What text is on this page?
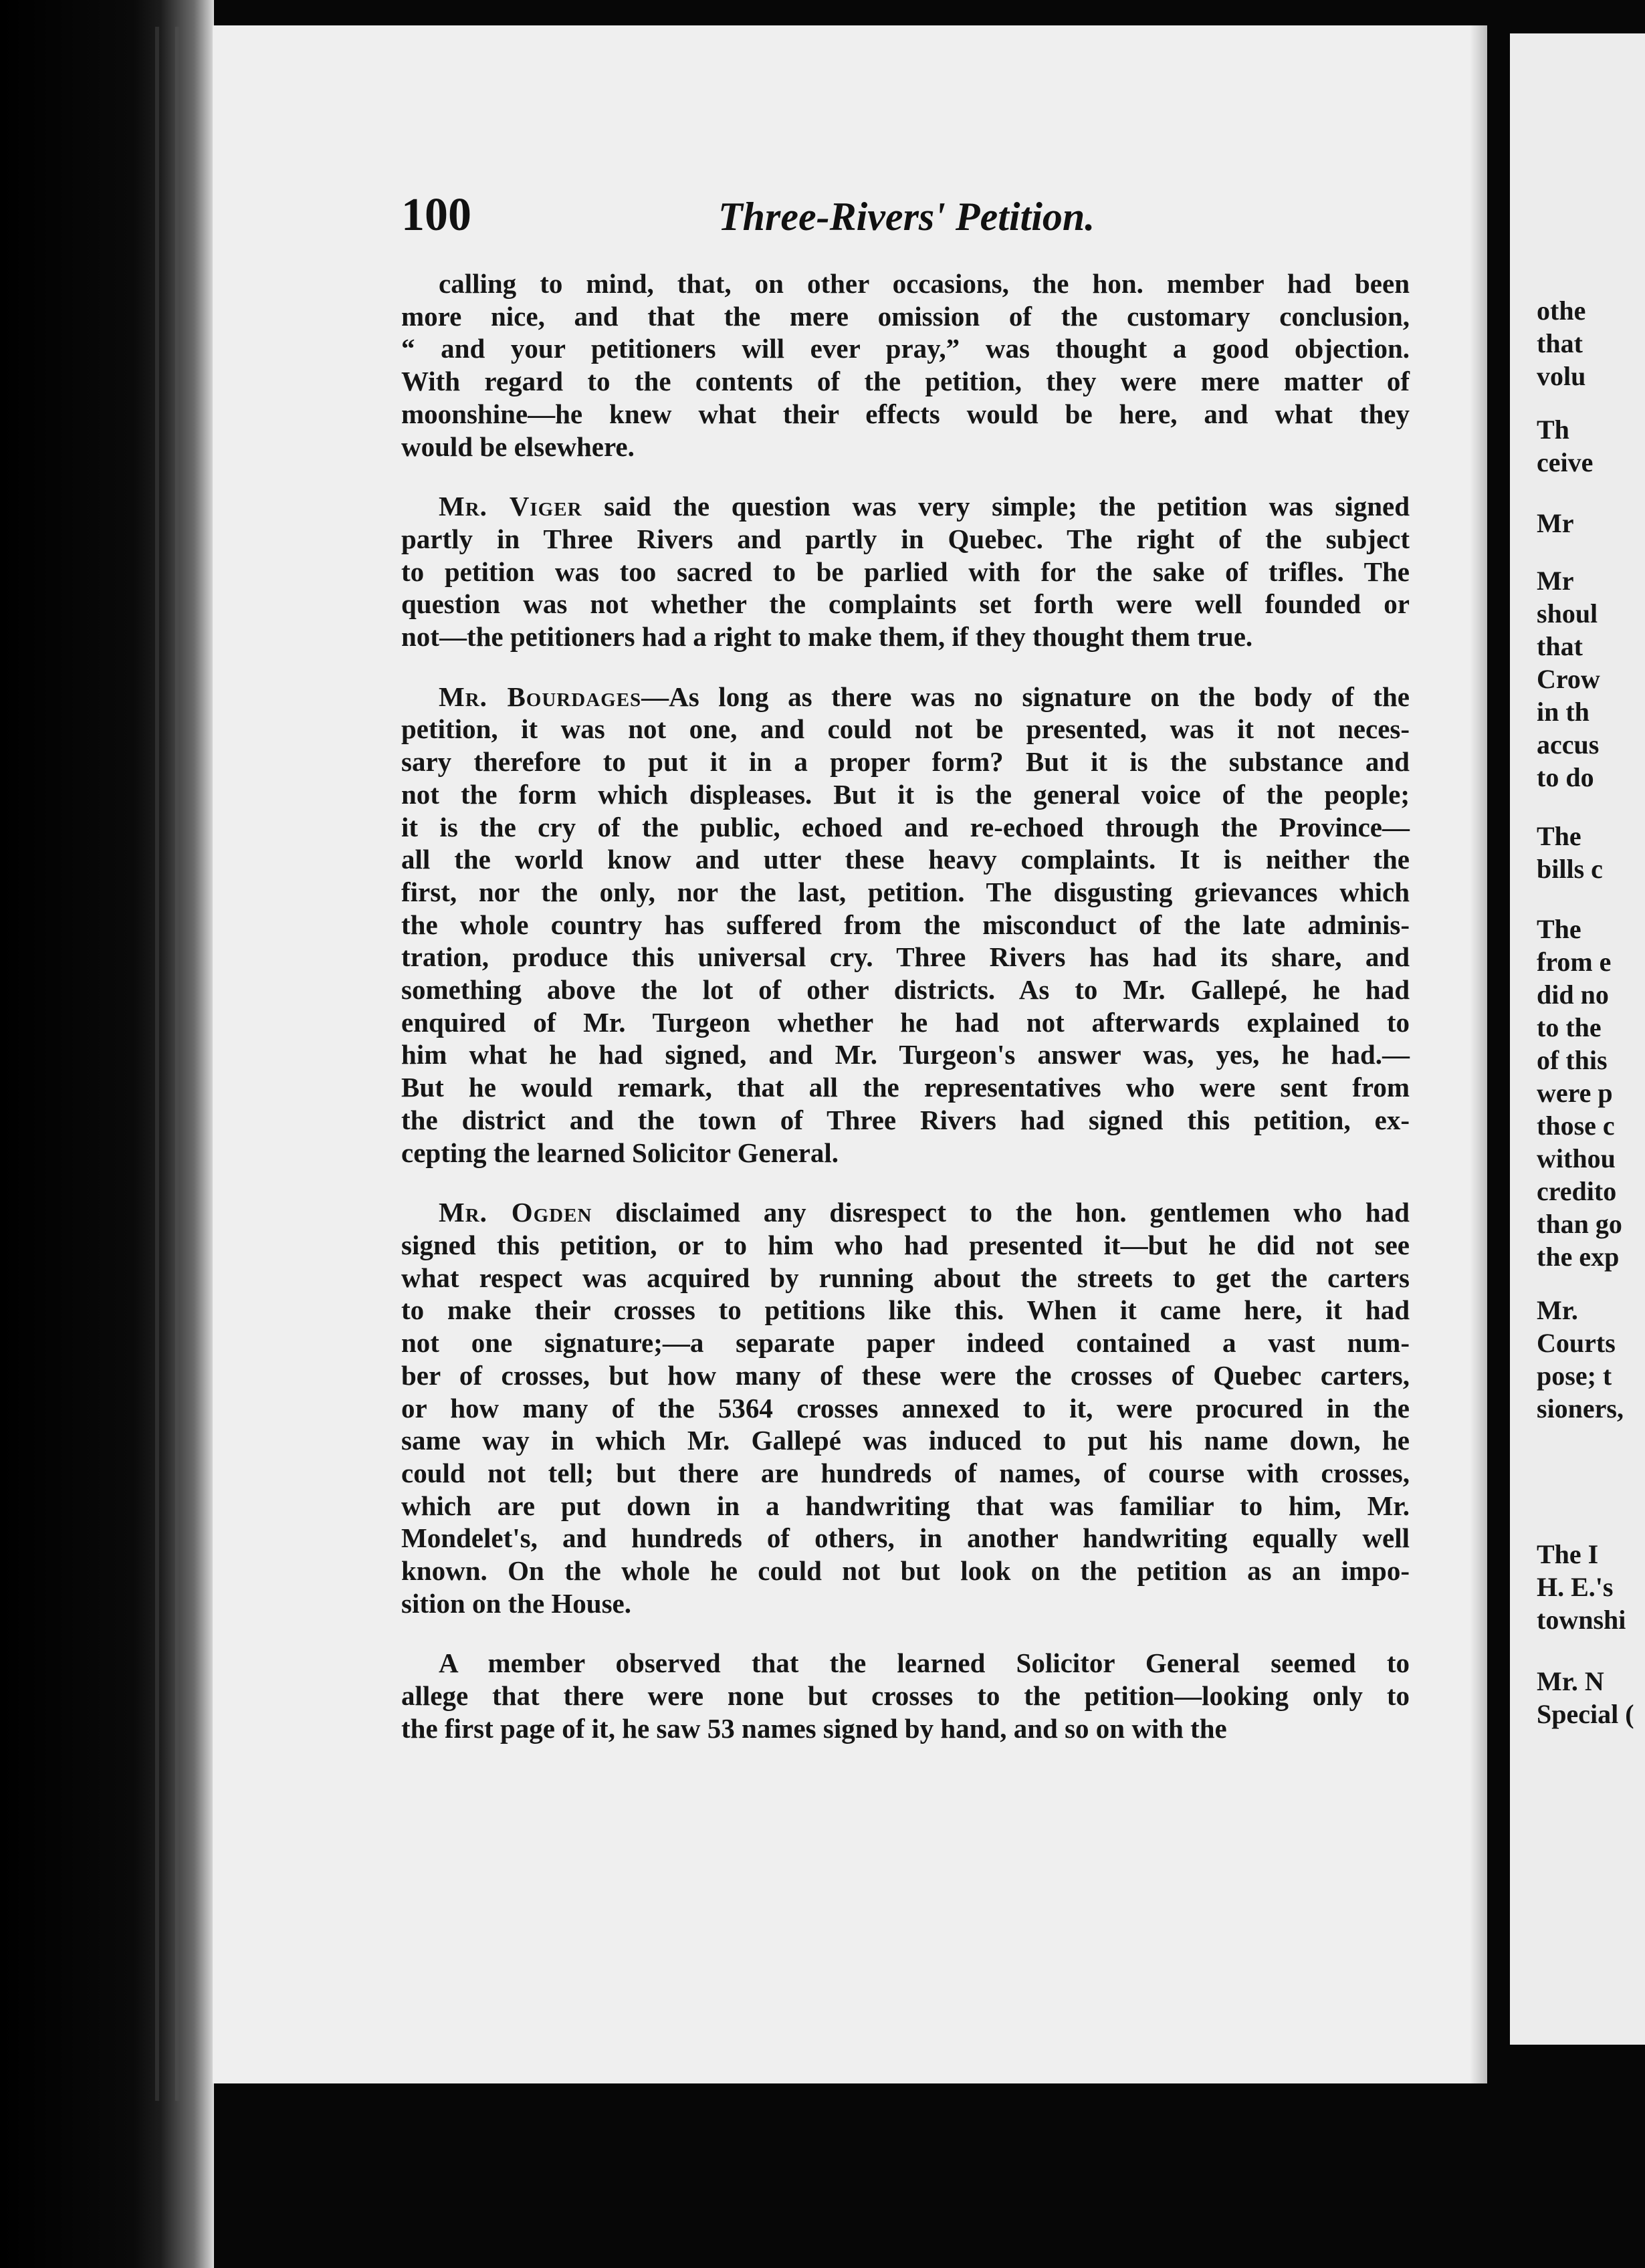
100	Three-Rivers' Petition.
calling to mind, that, on other occasions, the hon. member had been
more nice, and that the mere omission of the customary conclusion,
“ and your petitioners will ever pray,” was thought a good objection.
With regard to the contents of the petition, they were mere matter of
moonshine—he knew what their effects would be here, and what they
would be elsewhere.
Mr. Viger said the question was very simple; the petition was signed
partly in Three Rivers and partly in Quebec. The right of the subject
to petition was too sacred to be parlied with for the sake of trifles. The
question was not whether the complaints set forth were well founded or
not—the petitioners had a right to make them, if they thought them true.
Mr. Bourdages—As long as there was no signature on the body of the
petition, it was not one, and could not be presented, was it not neces-
sary therefore to put it in a proper form? But it is the substance and
not the form which displeases. But it is the general voice of the people;
it is the cry of the public, echoed and re-echoed through the Province—
all the world know and utter these heavy complaints. It is neither the
first, nor the only, nor the last, petition. The disgusting grievances which
the whole country has suffered from the misconduct of the late adminis-
tration, produce this universal cry. Three Rivers has had its share, and
something above the lot of other districts. As to Mr. Gallepé, he had
enquired of Mr. Turgeon whether he had not afterwards explained to
him what he had signed, and Mr. Turgeon's answer was, yes, he had.—
But he would remark, that all the representatives who were sent from
the district and the town of Three Rivers had signed this petition, ex-
cepting the learned Solicitor General.
Mr. Ogden disclaimed any disrespect to the hon. gentlemen who had
signed this petition, or to him who had presented it—but he did not see
what respect was acquired by running about the streets to get the carters
to make their crosses to petitions like this. When it came here, it had
not one signature;—a separate paper indeed contained a vast num-
ber of crosses, but how many of these were the crosses of Quebec carters,
or how many of the 5364 crosses annexed to it, were procured in the
same way in which Mr. Gallepé was induced to put his name down, he
could not tell; but there are hundreds of names, of course with crosses,
which are put down in a handwriting that was familiar to him, Mr.
Mondelet's, and hundreds of others, in another handwriting equally well
known. On the whole he could not but look on the petition as an impo-
sition on the House.
A member observed that the learned Solicitor General seemed to
allege that there were none but crosses to the petition—looking only to
the first page of it, he saw 53 names signed by hand, and so on with the
othe
that
volu
Th
ceive
Mr
Mr
shoul
that
Crow
in th
accus
to do
The
bills c
The
from e
did no
to the
of this
were p
those c
withou
credito
than go
the exp
Mr.
Courts
pose; t
sioners,
The I
H. E.'s
townshi
Mr. N
Special (
